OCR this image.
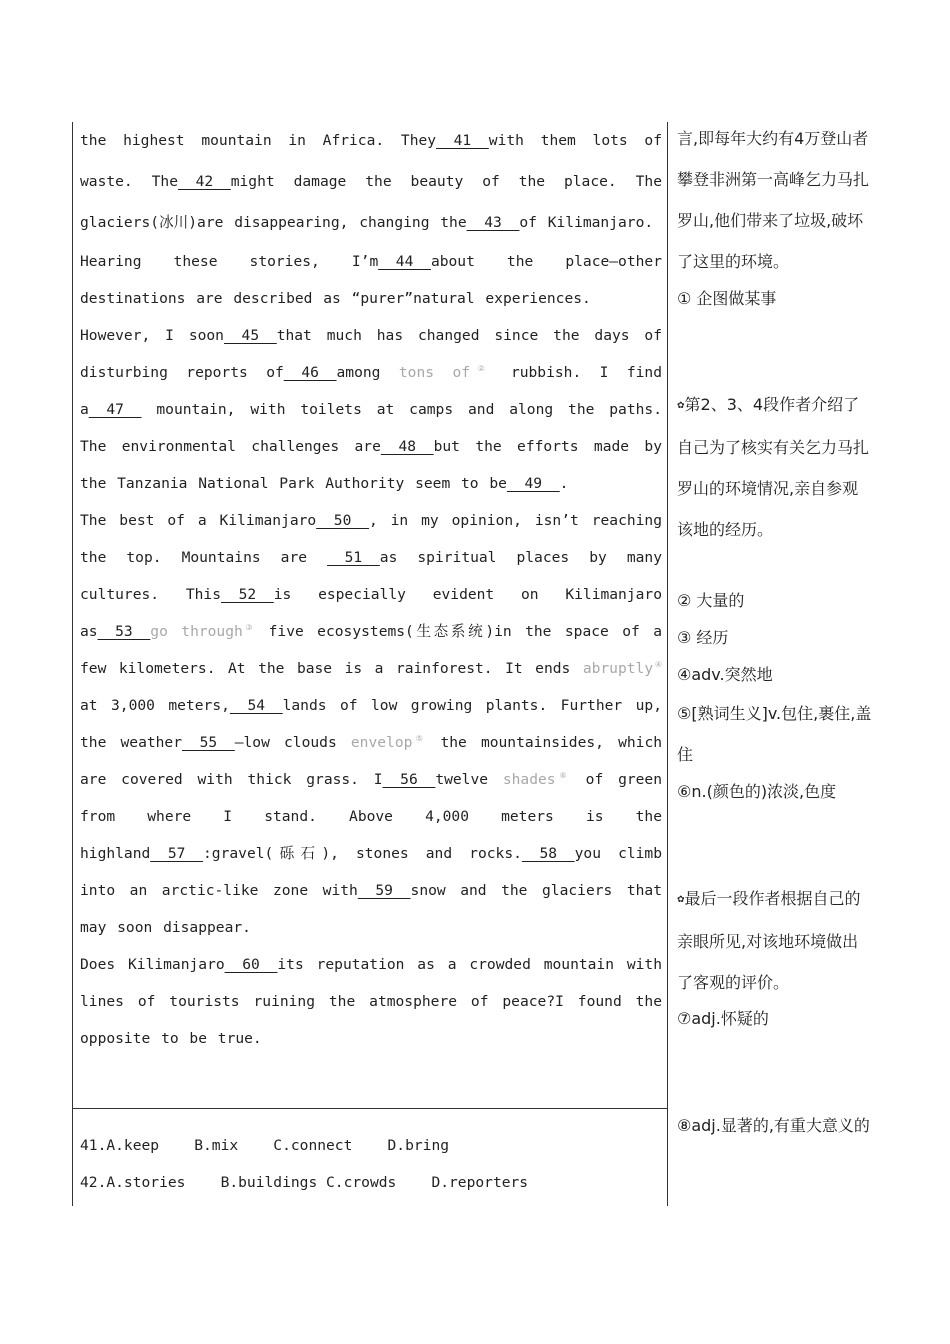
the highest mountain in Africa. They__41__with them lots of waste. The__42__might damage the beauty of the place. The glaciers(冰川)are disappearing, changing the__43__of Kilimanjaro.

Hearing these stories, I’m__44__about the place—other destinations are described as “purer”natural experiences.

However, I soon__45__that much has changed since the days of disturbing reports of__46__among tons of② rubbish. I find a__47__ mountain, with toilets at camps and along the paths. The environmental challenges are__48__but the efforts made by the Tanzania National Park Authority seem to be__49__.

The best of a Kilimanjaro__50__, in my opinion, isn’t reaching the top. Mountains are __51__as spiritual places by many cultures. This__52__is especially evident on Kilimanjaro as__53__go through③ five ecosystems(生态系统)in the space of a few kilometers. At the base is a rainforest. It ends abruptly④ at 3,000 meters,__54__lands of low growing plants. Further up, the weather__55__—low clouds envelop⑤ the mountainsides, which are covered with thick grass. I__56__twelve shades⑥ of green from where I stand. Above 4,000 meters is the highland__57__:gravel(砾石), stones and rocks.__58__you climb into an arctic-like zone with__59__snow and the glaciers that may soon disappear.

Does Kilimanjaro__60__its reputation as a crowded mountain with lines of tourists ruining the atmosphere of peace?I found the opposite to be true.

41.A.keep    B.mix    C.connect    D.bring
42.A.stories    B.buildings C.crowds    D.reporters
言,即每年大约有4万登山者攀登非洲第一高峰乞力马扎罗山,他们带来了垃圾,破坏了这里的环境。
① 企图做某事
✿第2、3、4段作者介绍了自己为了核实有关乞力马扎罗山的环境情况,亲自参观该地的经历。
② 大量的
③ 经历
④adv.突然地
⑤[熟词生义]v.包住,裹住,盖住
⑥n.(颜色的)浓淡,色度
✿最后一段作者根据自己的亲眼所见,对该地环境做出了客观的评价。
⑦adj.怀疑的
⑧adj.显著的,有重大意义的
